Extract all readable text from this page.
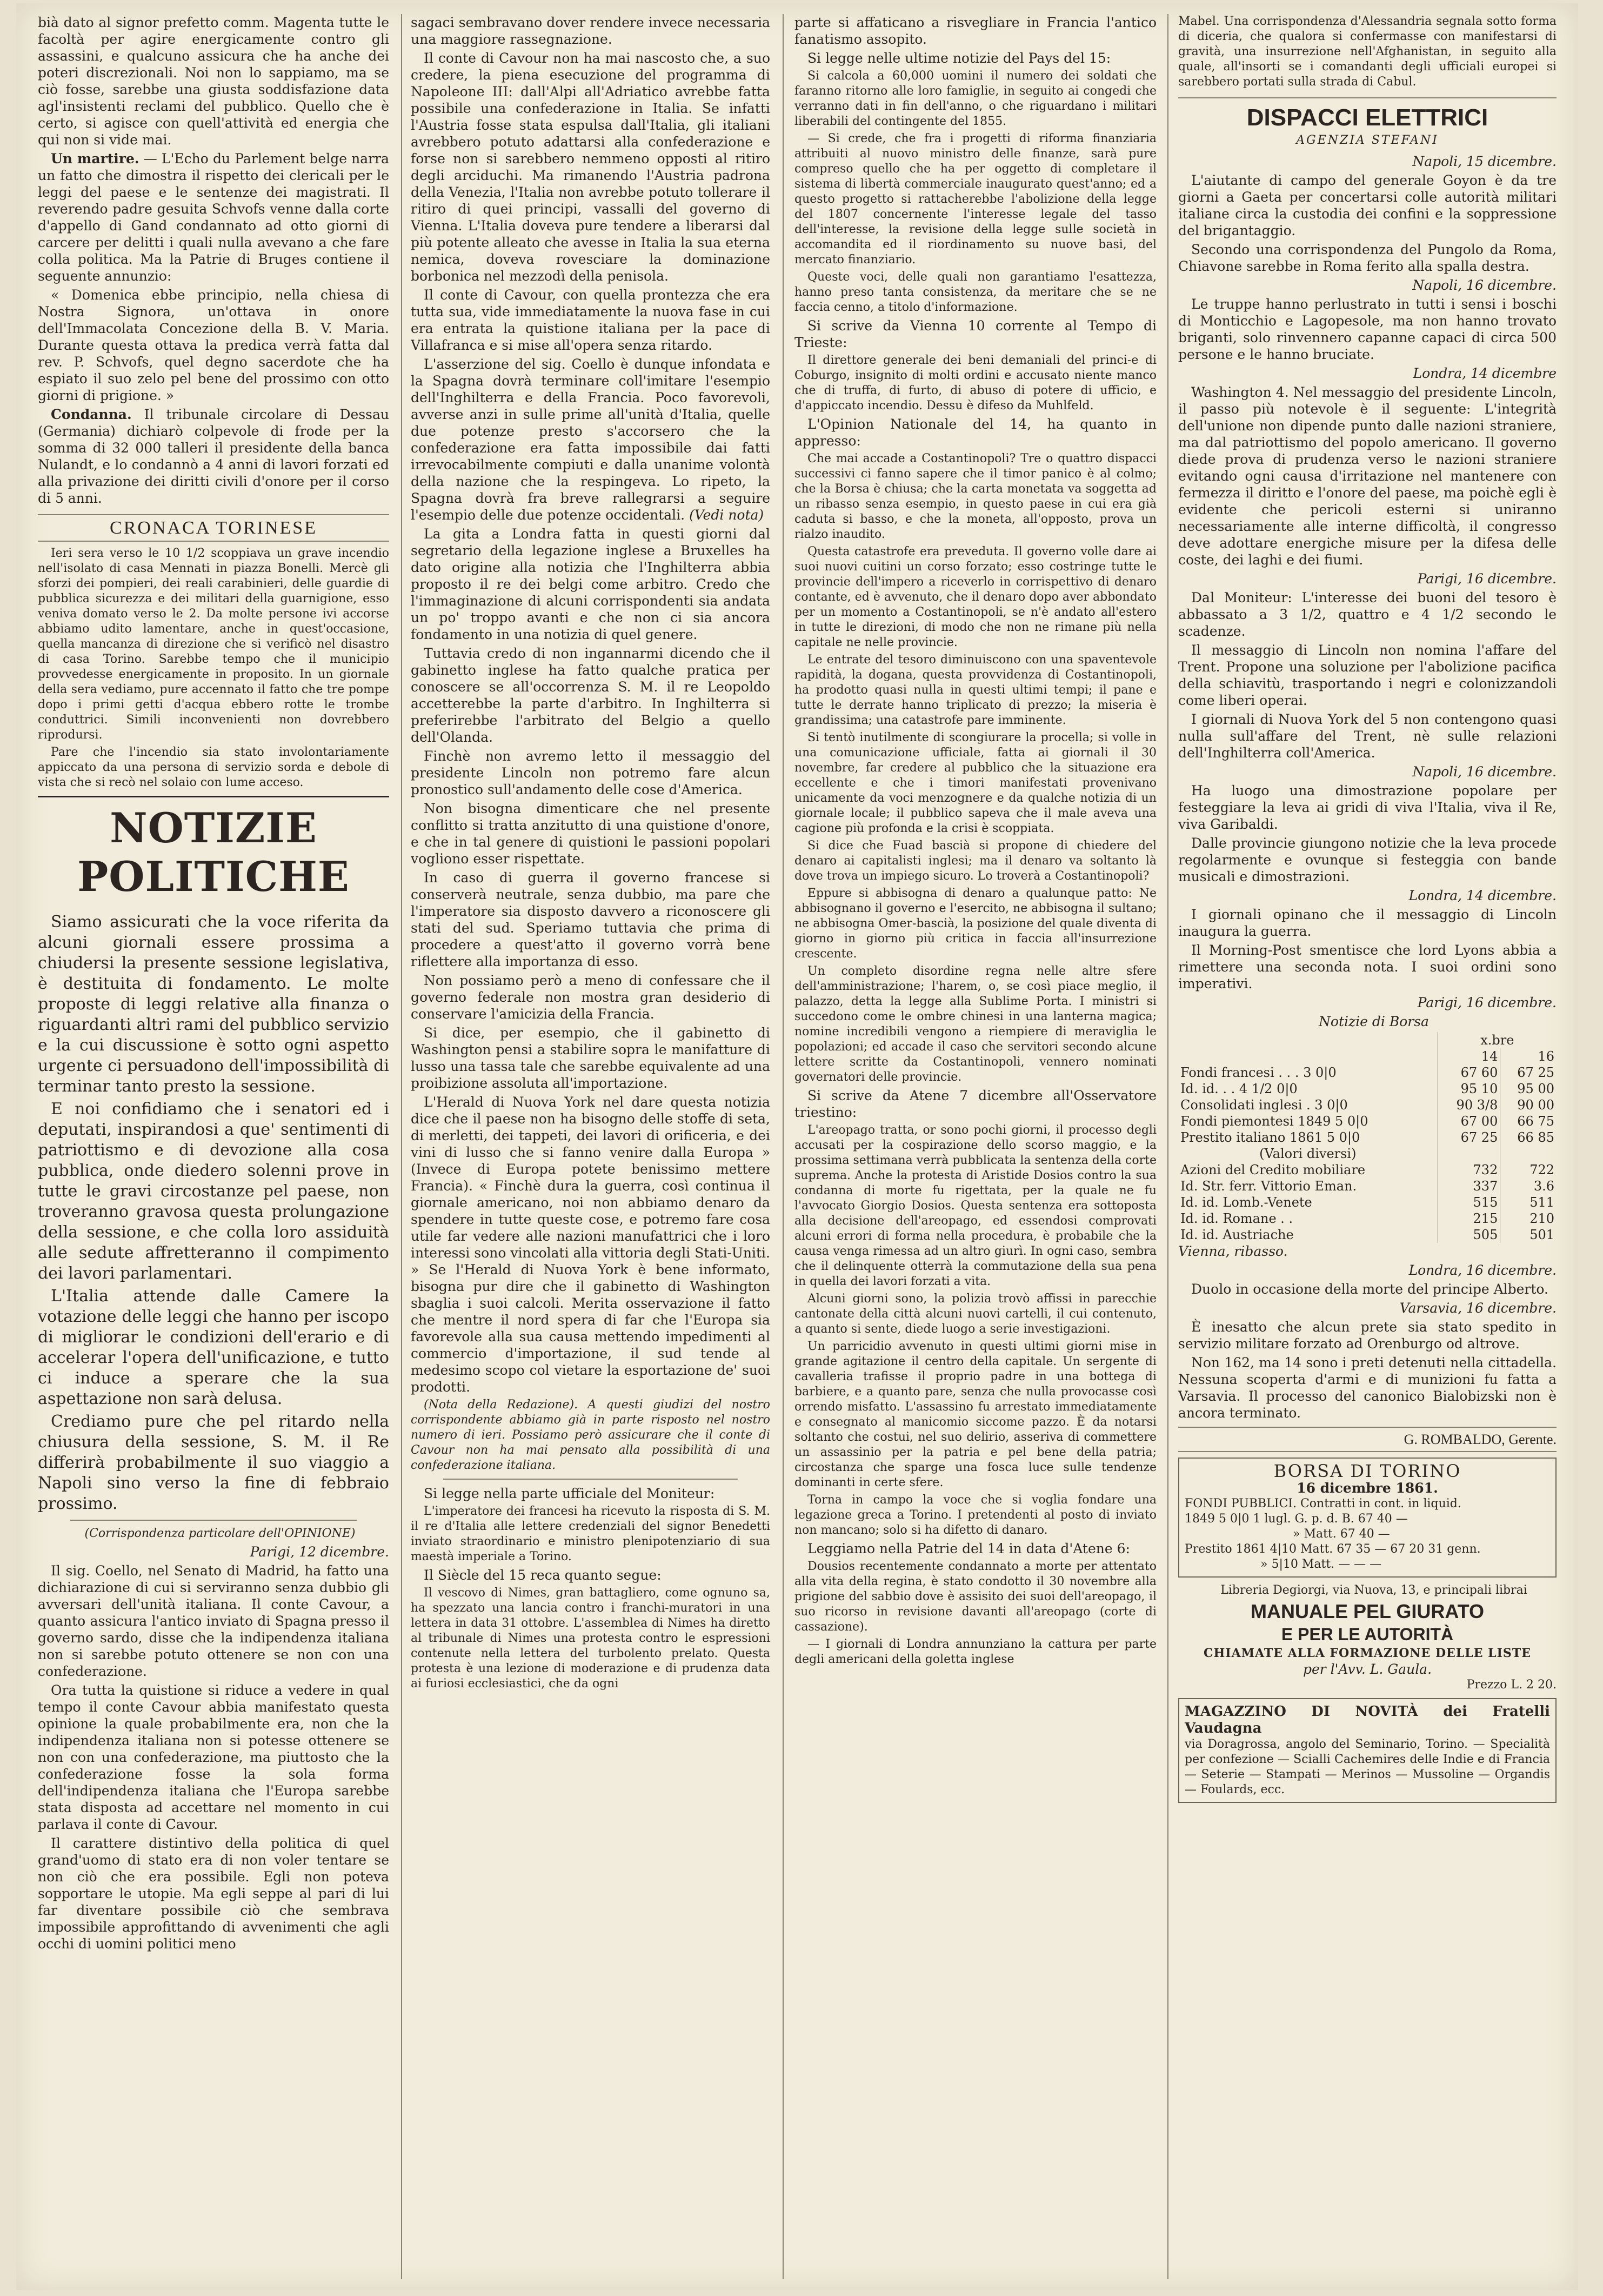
bià dato al signor prefetto comm. Magenta tutte le facoltà per agire energicamente contro gli assassini, e qualcuno assicura che ha anche dei poteri discrezionali. Noi non lo sappiamo, ma se ciò fosse, sarebbe una giusta soddisfazione data agl'insistenti reclami del pubblico. Quello che è certo, si agisce con quell'attività ed energia che qui non si vide mai.

Un martire. — L'Echo du Parlement belge narra un fatto che dimostra il rispetto dei clericali per le leggi del paese e le sentenze dei magistrati. Il reverendo padre gesuita Schvofs venne dalla corte d'appello di Gand condannato ad otto giorni di carcere per delitti i quali nulla avevano a che fare colla politica. Ma la Patrie di Bruges contiene il seguente annunzio:

« Domenica ebbe principio, nella chiesa di Nostra Signora, un'ottava in onore dell'Immacolata Concezione della B. V. Maria. Durante questa ottava la predica verrà fatta dal rev. P. Schvofs, quel degno sacerdote che ha espiato il suo zelo pel bene del prossimo con otto giorni di prigione. »

Condanna. Il tribunale circolare di Dessau (Germania) dichiarò colpevole di frode per la somma di 32 000 talleri il presidente della banca Nulandt, e lo condannò a 4 anni di lavori forzati ed alla privazione dei diritti civili d'onore per il corso di 5 anni.

CRONACA TORINESE

Ieri sera verso le 10 1/2 scoppiava un grave incendio nell'isolato di casa Mennati in piazza Bonelli. Mercè gli sforzi dei pompieri, dei reali carabinieri, delle guardie di pubblica sicurezza e dei militari della guarnigione, esso veniva domato verso le 2. Da molte persone ivi accorse abbiamo udito lamentare, anche in quest'occasione, quella mancanza di direzione che si verificò nel disastro di casa Torino. Sarebbe tempo che il municipio provvedesse energicamente in proposito. In un giornale della sera vediamo, pure accennato il fatto che tre pompe dopo i primi getti d'acqua ebbero rotte le trombe conduttrici. Simili inconvenienti non dovrebbero riprodursi.

Pare che l'incendio sia stato involontariamente appiccato da una persona di servizio sorda e debole di vista che si recò nel solaio con lume acceso.

NOTIZIE POLITICHE

Siamo assicurati che la voce riferita da alcuni giornali essere prossima a chiudersi la presente sessione legislativa, è destituita di fondamento. Le molte proposte di leggi relative alla finanza o riguardanti altri rami del pubblico servizio e la cui discussione è sotto ogni aspetto urgente ci persuadono dell'impossibilità di terminar tanto presto la sessione.

E noi confidiamo che i senatori ed i deputati, inspirandosi a que' sentimenti di patriottismo e di devozione alla cosa pubblica, onde diedero solenni prove in tutte le gravi circostanze pel paese, non troveranno gravosa questa prolungazione della sessione, e che colla loro assiduità alle sedute affretteranno il compimento dei lavori parlamentari.

L'Italia attende dalle Camere la votazione delle leggi che hanno per iscopo di migliorar le condizioni dell'erario e di accelerar l'opera dell'unificazione, e tutto ci induce a sperare che la sua aspettazione non sarà delusa.

Crediamo pure che pel ritardo nella chiusura della sessione, S. M. il Re differirà probabilmente il suo viaggio a Napoli sino verso la fine di febbraio prossimo.

(Corrispondenza particolare dell'OPINIONE)

Parigi, 12 dicembre.

Il sig. Coello, nel Senato di Madrid, ha fatto una dichiarazione di cui si serviranno senza dubbio gli avversari dell'unità italiana. Il conte Cavour, a quanto assicura l'antico inviato di Spagna presso il governo sardo, disse che la indipendenza italiana non si sarebbe potuto ottenere se non con una confederazione.

Ora tutta la quistione si riduce a vedere in qual tempo il conte Cavour abbia manifestato questa opinione la quale probabilmente era, non che la indipendenza italiana non si potesse ottenere se non con una confederazione, ma piuttosto che la confederazione fosse la sola forma dell'indipendenza italiana che l'Europa sarebbe stata disposta ad accettare nel momento in cui parlava il conte di Cavour.

Il carattere distintivo della politica di quel grand'uomo di stato era di non voler tentare se non ciò che era possibile. Egli non poteva sopportare le utopie. Ma egli seppe al pari di lui far diventare possibile ciò che sembrava impossibile approfittando di avvenimenti che agli occhi di uomini politici meno

sagaci sembravano dover rendere invece necessaria una maggiore rassegnazione.

Il conte di Cavour non ha mai nascosto che, a suo credere, la piena esecuzione del programma di Napoleone III: dall'Alpi all'Adriatico avrebbe fatta possibile una confederazione in Italia. Se infatti l'Austria fosse stata espulsa dall'Italia, gli italiani avrebbero potuto adattarsi alla confederazione e forse non si sarebbero nemmeno opposti al ritiro degli arciduchi. Ma rimanendo l'Austria padrona della Venezia, l'Italia non avrebbe potuto tollerare il ritiro di quei principi, vassalli del governo di Vienna. L'Italia doveva pure tendere a liberarsi dal più potente alleato che avesse in Italia la sua eterna nemica, doveva rovesciare la dominazione borbonica nel mezzodì della penisola.

Il conte di Cavour, con quella prontezza che era tutta sua, vide immediatamente la nuova fase in cui era entrata la quistione italiana per la pace di Villafranca e si mise all'opera senza ritardo.

L'asserzione del sig. Coello è dunque infondata e la Spagna dovrà terminare coll'imitare l'esempio dell'Inghilterra e della Francia. Poco favorevoli, avverse anzi in sulle prime all'unità d'Italia, quelle due potenze presto s'accorsero che la confederazione era fatta impossibile dai fatti irrevocabilmente compiuti e dalla unanime volontà della nazione che la respingeva. Lo ripeto, la Spagna dovrà fra breve rallegrarsi a seguire l'esempio delle due potenze occidentali. (Vedi nota)

La gita a Londra fatta in questi giorni dal segretario della legazione inglese a Bruxelles ha dato origine alla notizia che l'Inghilterra abbia proposto il re dei belgi come arbitro. Credo che l'immaginazione di alcuni corrispondenti sia andata un po' troppo avanti e che non ci sia ancora fondamento in una notizia di quel genere.

Tuttavia credo di non ingannarmi dicendo che il gabinetto inglese ha fatto qualche pratica per conoscere se all'occorrenza S. M. il re Leopoldo accetterebbe la parte d'arbitro. In Inghilterra si preferirebbe l'arbitrato del Belgio a quello dell'Olanda.

Finchè non avremo letto il messaggio del presidente Lincoln non potremo fare alcun pronostico sull'andamento delle cose d'America.

Non bisogna dimenticare che nel presente conflitto si tratta anzitutto di una quistione d'onore, e che in tal genere di quistioni le passioni popolari vogliono esser rispettate.

In caso di guerra il governo francese si conserverà neutrale, senza dubbio, ma pare che l'imperatore sia disposto davvero a riconoscere gli stati del sud. Speriamo tuttavia che prima di procedere a quest'atto il governo vorrà bene riflettere alla importanza di esso.

Non possiamo però a meno di confessare che il governo federale non mostra gran desiderio di conservare l'amicizia della Francia.

Si dice, per esempio, che il gabinetto di Washington pensi a stabilire sopra le manifatture di lusso una tassa tale che sarebbe equivalente ad una proibizione assoluta all'importazione.

L'Herald di Nuova York nel dare questa notizia dice che il paese non ha bisogno delle stoffe di seta, di merletti, dei tappeti, dei lavori di orificeria, e dei vini di lusso che si fanno venire dalla Europa » (Invece di Europa potete benissimo mettere Francia). « Finchè dura la guerra, così continua il giornale americano, noi non abbiamo denaro da spendere in tutte queste cose, e potremo fare cosa utile far vedere alle nazioni manufattrici che i loro interessi sono vincolati alla vittoria degli Stati-Uniti. » Se l'Herald di Nuova York è bene informato, bisogna pur dire che il gabinetto di Washington sbaglia i suoi calcoli. Merita osservazione il fatto che mentre il nord spera di far che l'Europa sia favorevole alla sua causa mettendo impedimenti al commercio d'importazione, il sud tende al medesimo scopo col vietare la esportazione de' suoi prodotti.

(Nota della Redazione). A questi giudizi del nostro corrispondente abbiamo già in parte risposto nel nostro numero di ieri. Possiamo però assicurare che il conte di Cavour non ha mai pensato alla possibilità di una confederazione italiana.

Si legge nella parte ufficiale del Moniteur:

L'imperatore dei francesi ha ricevuto la risposta di S. M. il re d'Italia alle lettere credenziali del signor Benedetti inviato straordinario e ministro plenipotenziario di sua maestà imperiale a Torino.

Il Siècle del 15 reca quanto segue:

Il vescovo di Nimes, gran battagliero, come ognuno sa, ha spezzato una lancia contro i franchi-muratori in una lettera in data 31 ottobre. L'assemblea di Nimes ha diretto al tribunale di Nimes una protesta contro le espressioni contenute nella lettera del turbolento prelato. Questa protesta è una lezione di moderazione e di prudenza data ai furiosi ecclesiastici, che da ogni

parte si affaticano a risvegliare in Francia l'antico fanatismo assopito.

Si legge nelle ultime notizie del Pays del 15:

Si calcola a 60,000 uomini il numero dei soldati che faranno ritorno alle loro famiglie, in seguito ai congedi che verranno dati in fin dell'anno, o che riguardano i militari liberabili del contingente del 1855.

— Si crede, che fra i progetti di riforma finanziaria attribuiti al nuovo ministro delle finanze, sarà pure compreso quello che ha per oggetto di completare il sistema di libertà commerciale inaugurato quest'anno; ed a questo progetto si rattacherebbe l'abolizione della legge del 1807 concernente l'interesse legale del tasso dell'interesse, la revisione della legge sulle società in accomandita ed il riordinamento su nuove basi, del mercato finanziario.

Queste voci, delle quali non garantiamo l'esattezza, hanno preso tanta consistenza, da meritare che se ne faccia cenno, a titolo d'informazione.

Si scrive da Vienna 10 corrente al Tempo di Trieste:

Il direttore generale dei beni demaniali del princi-e di Coburgo, insignito di molti ordini e accusato niente manco che di truffa, di furto, di abuso di potere di ufficio, e d'appiccato incendio. Dessu è difeso da Muhlfeld.

L'Opinion Nationale del 14, ha quanto in appresso:

Che mai accade a Costantinopoli? Tre o quattro dispacci successivi ci fanno sapere che il timor panico è al colmo; che la Borsa è chiusa; che la carta monetata va soggetta ad un ribasso senza esempio, in questo paese in cui era già caduta si basso, e che la moneta, all'opposto, prova un rialzo inaudito.

Questa catastrofe era preveduta. Il governo volle dare ai suoi nuovi cuitini un corso forzato; esso costringe tutte le provincie dell'impero a riceverlo in corrispettivo di denaro contante, ed è avvenuto, che il denaro dopo aver abbondato per un momento a Costantinopoli, se n'è andato all'estero in tutte le direzioni, di modo che non ne rimane più nella capitale ne nelle provincie.

Le entrate del tesoro diminuiscono con una spaventevole rapidità, la dogana, questa provvidenza di Costantinopoli, ha prodotto quasi nulla in questi ultimi tempi; il pane e tutte le derrate hanno triplicato di prezzo; la miseria è grandissima; una catastrofe pare imminente.

Si tentò inutilmente di scongiurare la procella; si volle in una comunicazione ufficiale, fatta ai giornali il 30 novembre, far credere al pubblico che la situazione era eccellente e che i timori manifestati provenivano unicamente da voci menzognere e da qualche notizia di un giornale locale; il pubblico sapeva che il male aveva una cagione più profonda e la crisi è scoppiata.

Si dice che Fuad bascià si propone di chiedere del denaro ai capitalisti inglesi; ma il denaro va soltanto là dove trova un impiego sicuro. Lo troverà a Costantinopoli?

Eppure si abbisogna di denaro a qualunque patto: Ne abbisognano il governo e l'esercito, ne abbisogna il sultano; ne abbisogna Omer-bascià, la posizione del quale diventa di giorno in giorno più critica in faccia all'insurrezione crescente.

Un completo disordine regna nelle altre sfere dell'amministrazione; l'harem, o, se così piace meglio, il palazzo, detta la legge alla Sublime Porta. I ministri si succedono come le ombre chinesi in una lanterna magica; nomine incredibili vengono a riempiere di meraviglia le popolazioni; ed accade il caso che servitori secondo alcune lettere scritte da Costantinopoli, vennero nominati governatori delle provincie.

Si scrive da Atene 7 dicembre all'Osservatore triestino:

L'areopago tratta, or sono pochi giorni, il processo degli accusati per la cospirazione dello scorso maggio, e la prossima settimana verrà pubblicata la sentenza della corte suprema. Anche la protesta di Aristide Dosios contro la sua condanna di morte fu rigettata, per la quale ne fu l'avvocato Giorgio Dosios. Questa sentenza era sottoposta alla decisione dell'areopago, ed essendosi comprovati alcuni errori di forma nella procedura, è probabile che la causa venga rimessa ad un altro giurì. In ogni caso, sembra che il delinquente otterrà la commutazione della sua pena in quella dei lavori forzati a vita.

Alcuni giorni sono, la polizia trovò affissi in parecchie cantonate della città alcuni nuovi cartelli, il cui contenuto, a quanto si sente, diede luogo a serie investigazioni.

Un parricidio avvenuto in questi ultimi giorni mise in grande agitazione il centro della capitale. Un sergente di cavalleria trafisse il proprio padre in una bottega di barbiere, e a quanto pare, senza che nulla provocasse così orrendo misfatto. L'assassino fu arrestato immediatamente e consegnato al manicomio siccome pazzo. È da notarsi soltanto che costui, nel suo delirio, asseriva di commettere un assassinio per la patria e pel bene della patria; circostanza che sparge una fosca luce sulle tendenze dominanti in certe sfere.

Torna in campo la voce che si voglia fondare una legazione greca a Torino. I pretendenti al posto di inviato non mancano; solo si ha difetto di danaro.

Leggiamo nella Patrie del 14 in data d'Atene 6:

Dousios recentemente condannato a morte per attentato alla vita della regina, è stato condotto il 30 novembre alla prigione del sabbio dove è assisito dei suoi dell'areopago, il suo ricorso in revisione davanti all'areopago (corte di cassazione).

— I giornali di Londra annunziano la cattura per parte degli americani della goletta inglese

Mabel. Una corrispondenza d'Alessandria segnala sotto forma di diceria, che qualora si confermasse con manifestarsi di gravità, una insurrezione nell'Afghanistan, in seguito alla quale, all'insorti se i comandanti degli ufficiali europei si sarebbero portati sulla strada di Cabul.

DISPACCI ELETTRICI
AGENZIA STEFANI

Napoli, 15 dicembre.

L'aiutante di campo del generale Goyon è da tre giorni a Gaeta per concertarsi colle autorità militari italiane circa la custodia dei confini e la soppressione del brigantaggio.

Secondo una corrispondenza del Pungolo da Roma, Chiavone sarebbe in Roma ferito alla spalla destra.

Napoli, 16 dicembre.

Le truppe hanno perlustrato in tutti i sensi i boschi di Monticchio e Lagopesole, ma non hanno trovato briganti, solo rinvennero capanne capaci di circa 500 persone e le hanno bruciate.

Londra, 14 dicembre

Washington 4. Nel messaggio del presidente Lincoln, il passo più notevole è il seguente: L'integrità dell'unione non dipende punto dalle nazioni straniere, ma dal patriottismo del popolo americano. Il governo diede prova di prudenza verso le nazioni straniere evitando ogni causa d'irritazione nel mantenere con fermezza il diritto e l'onore del paese, ma poichè egli è evidente che pericoli esterni si uniranno necessariamente alle interne difficoltà, il congresso deve adottare energiche misure per la difesa delle coste, dei laghi e dei fiumi.

Parigi, 16 dicembre.

Dal Moniteur: L'interesse dei buoni del tesoro è abbassato a 3 1/2, quattro e 4 1/2 secondo le scadenze.

Il messaggio di Lincoln non nomina l'affare del Trent. Propone una soluzione per l'abolizione pacifica della schiavitù, trasportando i negri e colonizzandoli come liberi operai.

I giornali di Nuova York del 5 non contengono quasi nulla sull'affare del Trent, nè sulle relazioni dell'Inghilterra coll'America.

Napoli, 16 dicembre.

Ha luogo una dimostrazione popolare per festeggiare la leva ai gridi di viva l'Italia, viva il Re, viva Garibaldi.

Dalle provincie giungono notizie che la leva procede regolarmente e ovunque si festeggia con bande musicali e dimostrazioni.

Londra, 14 dicembre.

I giornali opinano che il messaggio di Lincoln inaugura la guerra.

Il Morning-Post smentisce che lord Lyons abbia a rimettere una seconda nota. I suoi ordini sono imperativi.

Parigi, 16 dicembre.

Notizie di Borsa

	x.bre	
	14	16
Fondi francesi . . . 3 0|0	67 60	67 25
Id. id. . . 4 1/2 0|0	95 10	95 00
Consolidati inglesi . 3 0|0	90 3/8	90 00
Fondi piemontesi 1849 5 0|0	67 00	66 75
Prestito italiano 1861 5 0|0	67 25	66 85
(Valori diversi)		
Azioni del Credito mobiliare	732	722
Id. Str. ferr. Vittorio Eman.	337	3.6
Id. id. Lomb.-Venete	515	511
Id. id. Romane . .	215	210
Id. id. Austriache	505	501

Vienna, ribasso.

Londra, 16 dicembre.

Duolo in occasione della morte del principe Alberto.

Varsavia, 16 dicembre.

È inesatto che alcun prete sia stato spedito in servizio militare forzato ad Orenburgo od altrove.

Non 162, ma 14 sono i preti detenuti nella cittadella. Nessuna scoperta d'armi e di munizioni fu fatta a Varsavia. Il processo del canonico Bialobizski non è ancora terminato.

G. ROMBALDO, Gerente.
BORSA DI TORINO
16 dicembre 1861.
FONDI PUBBLICI. Contratti in cont. in liquid.
1849 5 0|0 1 lugl. G. p. d. B. 67 40 —
» Matt. 67 40 —
Prestito 1861 4|10 Matt. 67 35 — 67 20 31 genn.
» 5|10 Matt. — — —

Libreria Degiorgi, via Nuova, 13, e principali librai

MANUALE PEL GIURATO
E PER LE AUTORITÀ
CHIAMATE ALLA FORMAZIONE DELLE LISTE
per l'Avv. L. Gaula.
Prezzo L. 2 20.
MAGAZZINO DI NOVITÀ dei Fratelli Vaudagna
via Doragrossa, angolo del Seminario, Torino. — Specialità per confezione — Scialli Cachemires delle Indie e di Francia — Seterie — Stampati — Merinos — Mussoline — Organdis — Foulards, ecc.
